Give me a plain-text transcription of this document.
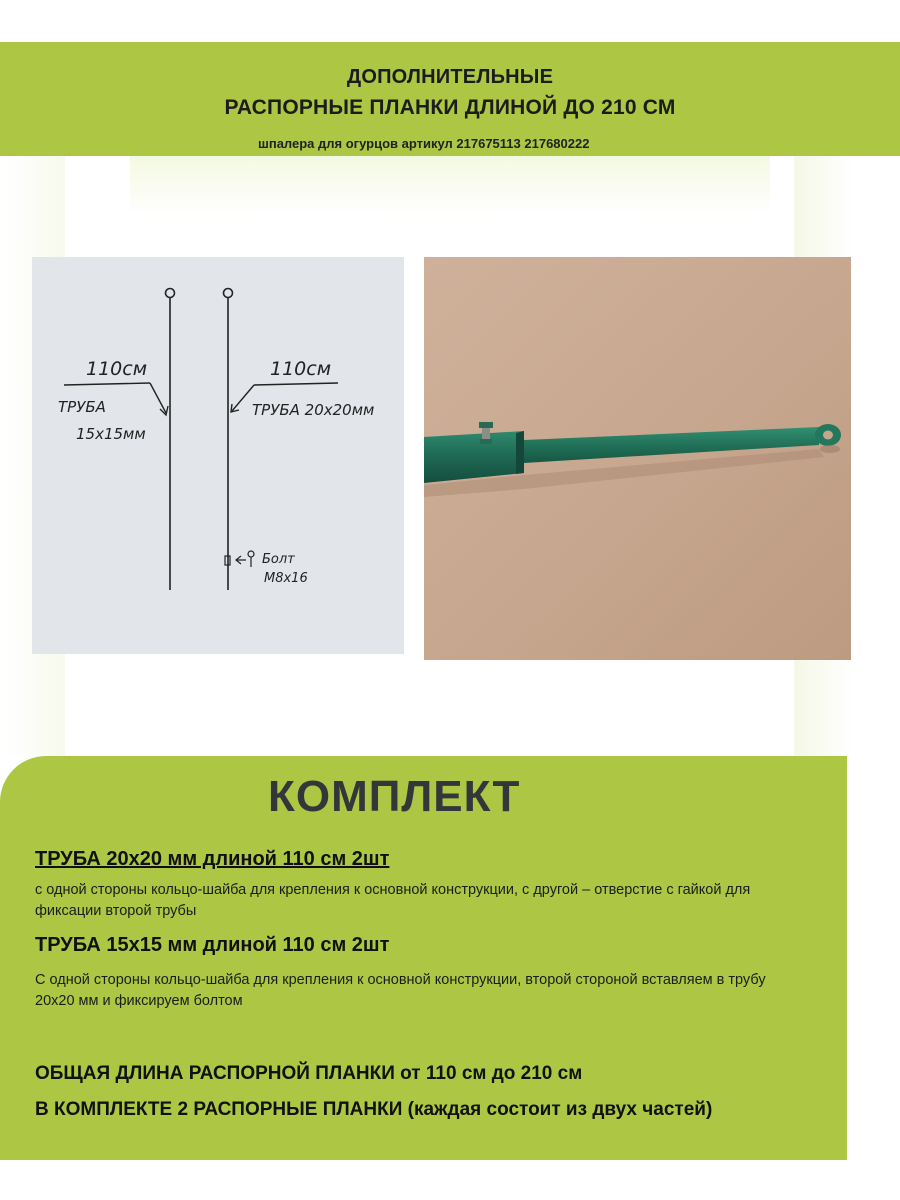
ДОПОЛНИТЕЛЬНЫЕ
РАСПОРНЫЕ ПЛАНКИ ДЛИНОЙ ДО 210 СМ
шпалера для огурцов артикул 217675113 217680222
110см
ТРУБА
15х15мм
110см
ТРУБА 20х20мм
Болт
М8х16
КОМПЛЕКТ
ТРУБА 20х20 мм длиной 110 см 2шт
с одной стороны кольцо-шайба для крепления к основной конструкции, с другой – отверстие с гайкой для
фиксации второй трубы
ТРУБА 15х15 мм длиной 110 см 2шт
С одной стороны кольцо-шайба для крепления к основной конструкции, второй стороной вставляем в трубу
20х20 мм и фиксируем болтом
ОБЩАЯ ДЛИНА РАСПОРНОЙ ПЛАНКИ от 110 см до 210 см
В КОМПЛЕКТЕ 2 РАСПОРНЫЕ ПЛАНКИ (каждая состоит из двух частей)
